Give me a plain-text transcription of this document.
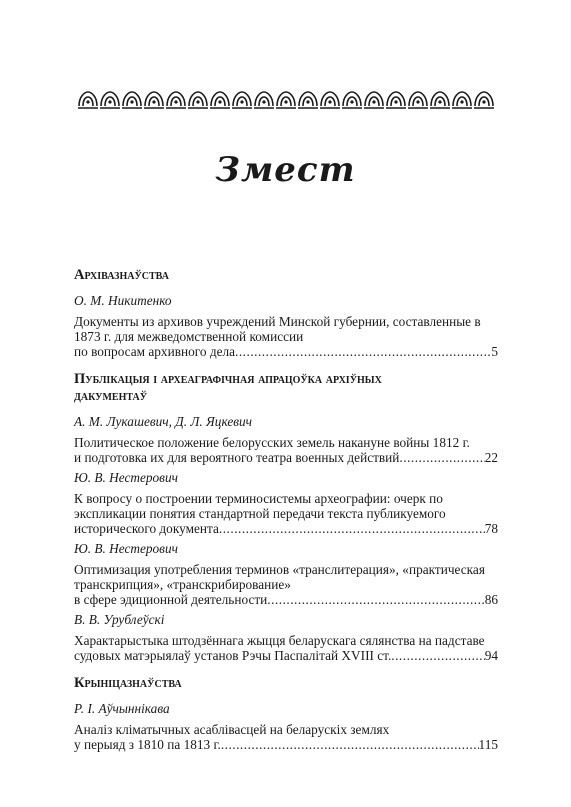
Змест
Архівазнаўства
О. М. Никитенко
Документы из архивов учреждений Минской губернии, составленные в
1873 г. для межведомственной комиссии
по вопросам архивного дела .....	5
Публікацыя і археаграфічная апрацоўка архіўных
дакументаў
А. М. Лукашевич, Д. Л. Яцкевич
Политическое положение белорусских земель накануне войны 1812 г.
и подготовка их для вероятного театра военных действий .....	22
Ю. В. Нестерович
К вопросу о построении терминосистемы археографии: очерк по
экспликации понятия стандартной передачи текста публикуемого
исторического документа .....	78
Ю. В. Нестерович
Оптимизация употребления терминов «транслитерация», «практическая
транскрипция», «транскрибирование»
в сфере эдиционной деятельности .....	86
В. В. Урублеўскі
Характарыстыка штодзённага жыцця беларускага сялянства на падставе
судовых матэрыялаў установ Рэчы Паспалітай XVIII ст. .....	94
Крыніцазнаўства
Р. І. Аўчыннікава
Аналіз кліматычных асаблівасцей на беларускіх землях
у перыяд з 1810 па 1813 г. .....	115
